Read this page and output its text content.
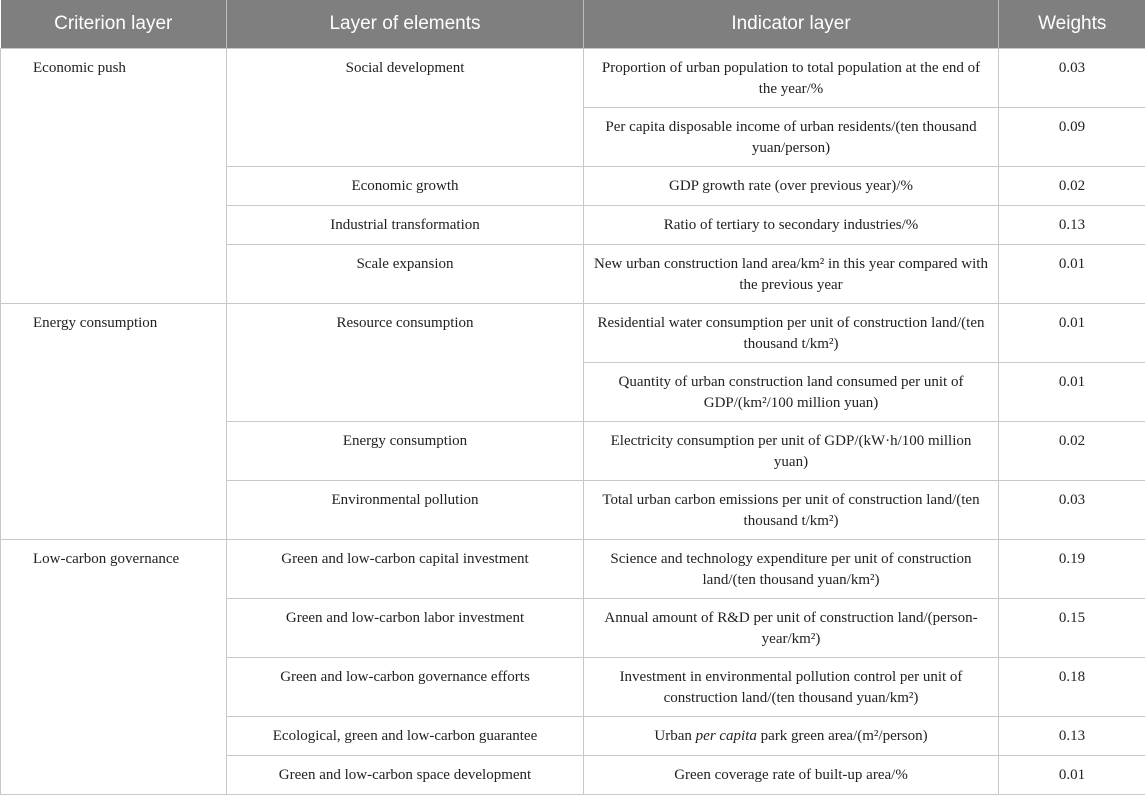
Criterion layer	Layer of elements	Indicator layer	Weights
Economic push	Social development	Proportion of urban population to total population at the end of the year/%	0.03
		Per capita disposable income of urban residents/(ten thousand yuan/person)	0.09
	Economic growth	GDP growth rate (over previous year)/%	0.02
	Industrial transformation	Ratio of tertiary to secondary industries/%	0.13
	Scale expansion	New urban construction land area/km² in this year compared with the previous year	0.01
Energy consumption	Resource consumption	Residential water consumption per unit of construction land/(ten thousand t/km²)	0.01
		Quantity of urban construction land consumed per unit of GDP/(km²/100 million yuan)	0.01
	Energy consumption	Electricity consumption per unit of GDP/(kW·h/100 million yuan)	0.02
	Environmental pollution	Total urban carbon emissions per unit of construction land/(ten thousand t/km²)	0.03
Low-carbon governance	Green and low-carbon capital investment	Science and technology expenditure per unit of construction land/(ten thousand yuan/km²)	0.19
	Green and low-carbon labor investment	Annual amount of R&D per unit of construction land/(person-year/km²)	0.15
	Green and low-carbon governance efforts	Investment in environmental pollution control per unit of construction land/(ten thousand yuan/km²)	0.18
	Ecological, green and low-carbon guarantee	Urban per capita park green area/(m²/person)	0.13
	Green and low-carbon space development	Green coverage rate of built-up area/%	0.01
